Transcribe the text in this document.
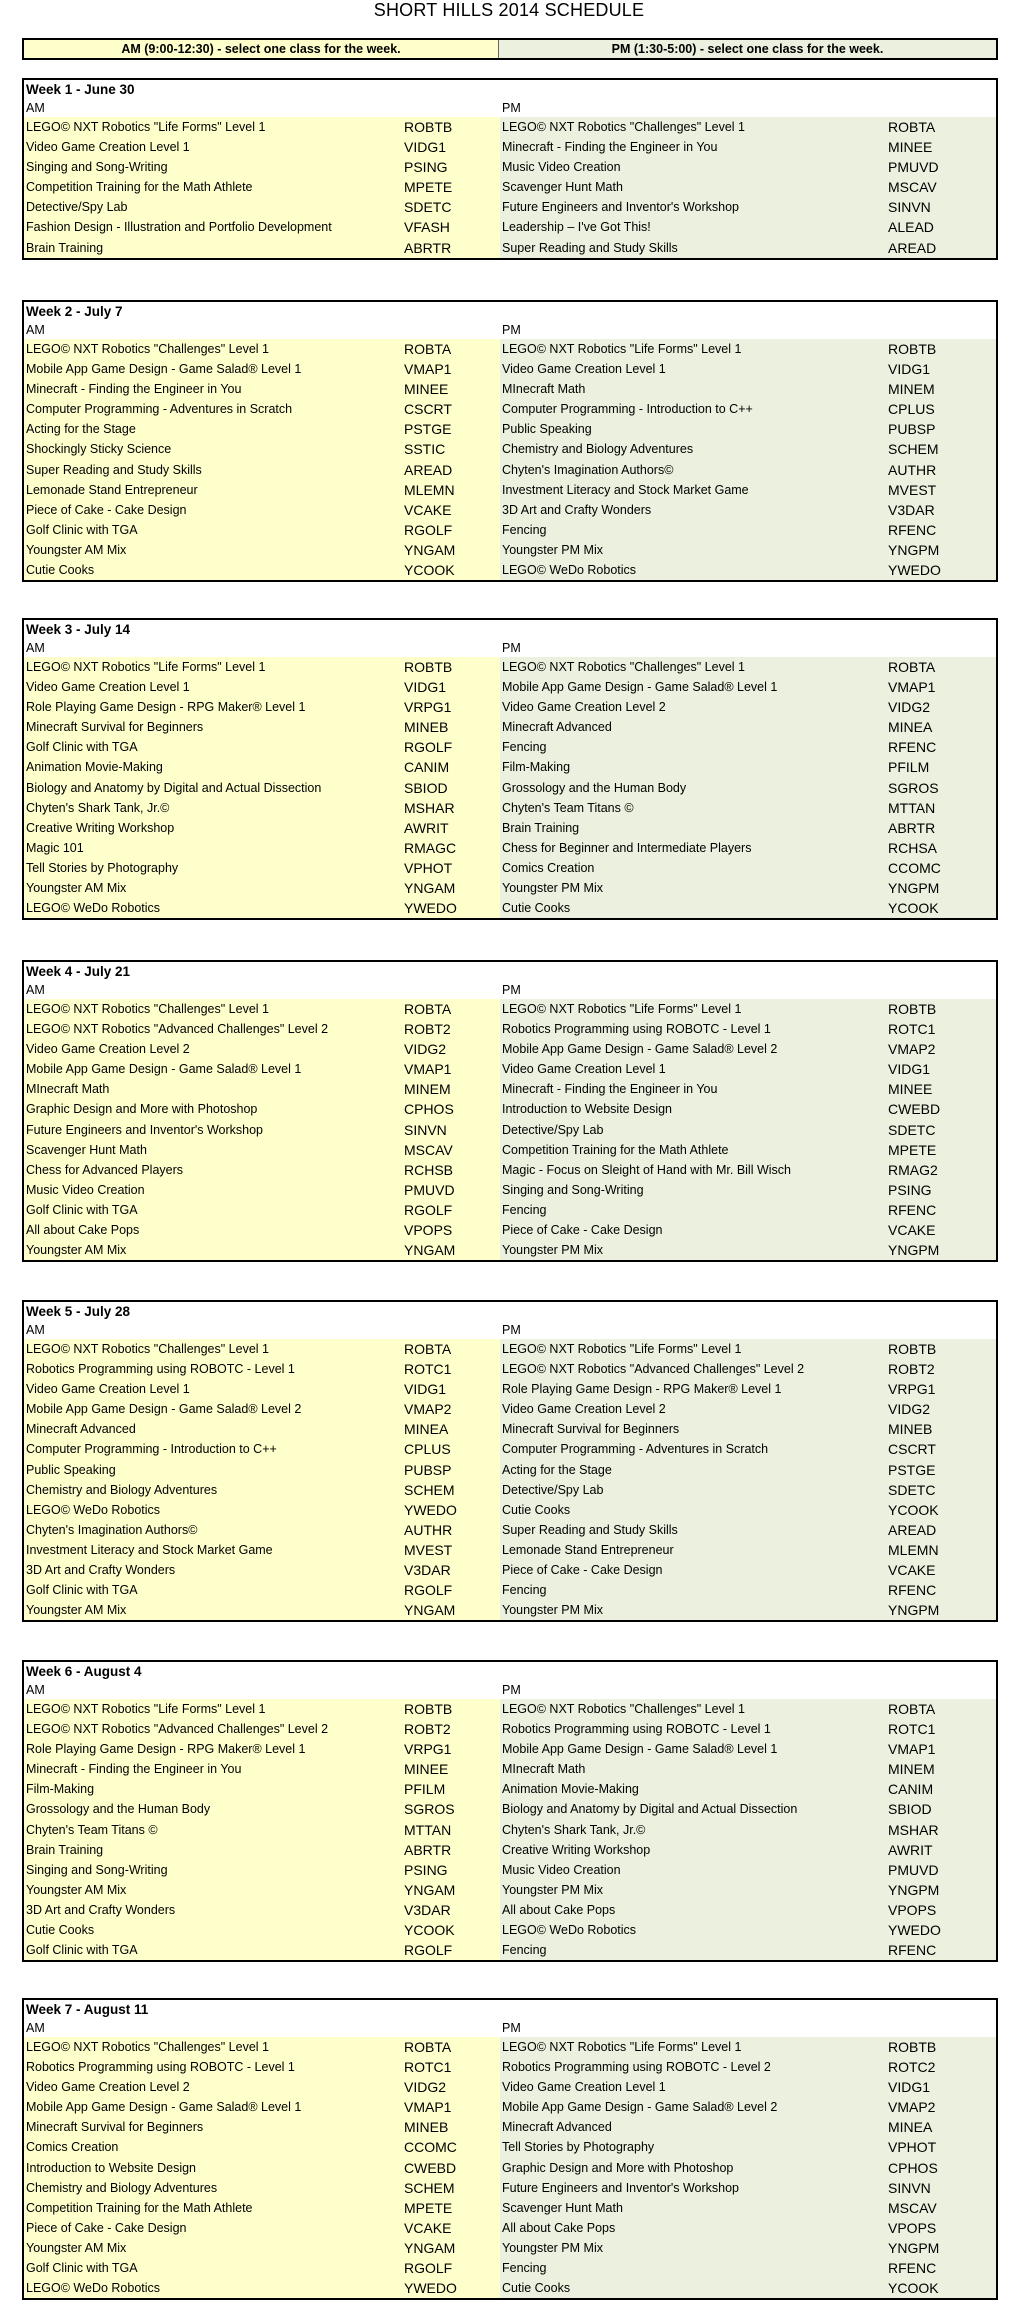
SHORT HILLS 2014 SCHEDULE
AM (9:00-12:30) - select one class for the week.	PM (1:30-5:00) - select one class for the week.
Week 1 - June 30
AM	PM
LEGO© NXT Robotics "Life Forms" Level 1	ROBTB	LEGO© NXT Robotics "Challenges" Level 1	ROBTA
Video Game Creation Level 1	VIDG1	Minecraft - Finding the Engineer in You	MINEE
Singing and Song-Writing	PSING	Music Video Creation	PMUVD
Competition Training for the Math Athlete	MPETE	Scavenger Hunt Math	MSCAV
Detective/Spy Lab	SDETC	Future Engineers and Inventor's Workshop	SINVN
Fashion Design - Illustration and Portfolio Development	VFASH	Leadership – I've Got This!	ALEAD
Brain Training	ABRTR	Super Reading and Study Skills	AREAD
Week 2 - July 7
AM	PM
LEGO© NXT Robotics "Challenges" Level 1	ROBTA	LEGO© NXT Robotics "Life Forms" Level 1	ROBTB
Mobile App Game Design - Game Salad® Level 1	VMAP1	Video Game Creation Level 1	VIDG1
Minecraft - Finding the Engineer in You	MINEE	MInecraft Math	MINEM
Computer Programming - Adventures in Scratch	CSCRT	Computer Programming - Introduction to C++	CPLUS
Acting for the Stage	PSTGE	Public Speaking	PUBSP
Shockingly Sticky Science	SSTIC	Chemistry and Biology Adventures	SCHEM
Super Reading and Study Skills	AREAD	Chyten's Imagination Authors©	AUTHR
Lemonade Stand Entrepreneur	MLEMN	Investment Literacy and Stock Market Game	MVEST
Piece of Cake - Cake Design	VCAKE	3D Art and Crafty Wonders	V3DAR
Golf Clinic with TGA	RGOLF	Fencing	RFENC
Youngster AM Mix	YNGAM	Youngster PM Mix	YNGPM
Cutie Cooks	YCOOK	LEGO© WeDo Robotics	YWEDO
Week 3 - July 14
AM	PM
LEGO© NXT Robotics "Life Forms" Level 1	ROBTB	LEGO© NXT Robotics "Challenges" Level 1	ROBTA
Video Game Creation Level 1	VIDG1	Mobile App Game Design - Game Salad® Level 1	VMAP1
Role Playing Game Design - RPG Maker® Level 1	VRPG1	Video Game Creation Level 2	VIDG2
Minecraft Survival for Beginners	MINEB	Minecraft Advanced	MINEA
Golf Clinic with TGA	RGOLF	Fencing	RFENC
Animation Movie-Making	CANIM	Film-Making	PFILM
Biology and Anatomy by Digital and Actual Dissection	SBIOD	Grossology and the Human Body	SGROS
Chyten's Shark Tank, Jr.©	MSHAR	Chyten's Team Titans ©	MTTAN
Creative Writing Workshop	AWRIT	Brain Training	ABRTR
Magic 101	RMAGC	Chess for Beginner and Intermediate Players	RCHSA
Tell Stories by Photography	VPHOT	Comics Creation	CCOMC
Youngster AM Mix	YNGAM	Youngster PM Mix	YNGPM
LEGO© WeDo Robotics	YWEDO	Cutie Cooks	YCOOK
Week 4 - July 21
AM	PM
LEGO© NXT Robotics "Challenges" Level 1	ROBTA	LEGO© NXT Robotics "Life Forms" Level 1	ROBTB
LEGO© NXT Robotics "Advanced Challenges" Level 2	ROBT2	Robotics Programming using ROBOTC - Level 1	ROTC1
Video Game Creation Level 2	VIDG2	Mobile App Game Design - Game Salad® Level 2	VMAP2
Mobile App Game Design - Game Salad® Level 1	VMAP1	Video Game Creation Level 1	VIDG1
MInecraft Math	MINEM	Minecraft - Finding the Engineer in You	MINEE
Graphic Design and More with Photoshop	CPHOS	Introduction to Website Design	CWEBD
Future Engineers and Inventor's Workshop	SINVN	Detective/Spy Lab	SDETC
Scavenger Hunt Math	MSCAV	Competition Training for the Math Athlete	MPETE
Chess for Advanced Players	RCHSB	Magic - Focus on Sleight of Hand with Mr. Bill Wisch	RMAG2
Music Video Creation	PMUVD	Singing and Song-Writing	PSING
Golf Clinic with TGA	RGOLF	Fencing	RFENC
All about Cake Pops	VPOPS	Piece of Cake - Cake Design	VCAKE
Youngster AM Mix	YNGAM	Youngster PM Mix	YNGPM
Week 5 - July 28
AM	PM
LEGO© NXT Robotics "Challenges" Level 1	ROBTA	LEGO© NXT Robotics "Life Forms" Level 1	ROBTB
Robotics Programming using ROBOTC - Level 1	ROTC1	LEGO© NXT Robotics "Advanced Challenges" Level 2	ROBT2
Video Game Creation Level 1	VIDG1	Role Playing Game Design - RPG Maker® Level 1	VRPG1
Mobile App Game Design - Game Salad® Level 2	VMAP2	Video Game Creation Level 2	VIDG2
Minecraft Advanced	MINEA	Minecraft Survival for Beginners	MINEB
Computer Programming - Introduction to C++	CPLUS	Computer Programming - Adventures in Scratch	CSCRT
Public Speaking	PUBSP	Acting for the Stage	PSTGE
Chemistry and Biology Adventures	SCHEM	Detective/Spy Lab	SDETC
LEGO© WeDo Robotics	YWEDO	Cutie Cooks	YCOOK
Chyten's Imagination Authors©	AUTHR	Super Reading and Study Skills	AREAD
Investment Literacy and Stock Market Game	MVEST	Lemonade Stand Entrepreneur	MLEMN
3D Art and Crafty Wonders	V3DAR	Piece of Cake - Cake Design	VCAKE
Golf Clinic with TGA	RGOLF	Fencing	RFENC
Youngster AM Mix	YNGAM	Youngster PM Mix	YNGPM
Week 6 - August 4
AM	PM
LEGO© NXT Robotics "Life Forms" Level 1	ROBTB	LEGO© NXT Robotics "Challenges" Level 1	ROBTA
LEGO© NXT Robotics "Advanced Challenges" Level 2	ROBT2	Robotics Programming using ROBOTC - Level 1	ROTC1
Role Playing Game Design - RPG Maker® Level 1	VRPG1	Mobile App Game Design - Game Salad® Level 1	VMAP1
Minecraft - Finding the Engineer in You	MINEE	MInecraft Math	MINEM
Film-Making	PFILM	Animation Movie-Making	CANIM
Grossology and the Human Body	SGROS	Biology and Anatomy by Digital and Actual Dissection	SBIOD
Chyten's Team Titans ©	MTTAN	Chyten's Shark Tank, Jr.©	MSHAR
Brain Training	ABRTR	Creative Writing Workshop	AWRIT
Singing and Song-Writing	PSING	Music Video Creation	PMUVD
Youngster AM Mix	YNGAM	Youngster PM Mix	YNGPM
3D Art and Crafty Wonders	V3DAR	All about Cake Pops	VPOPS
Cutie Cooks	YCOOK	LEGO© WeDo Robotics	YWEDO
Golf Clinic with TGA	RGOLF	Fencing	RFENC
Week 7 - August 11
AM	PM
LEGO© NXT Robotics "Challenges" Level 1	ROBTA	LEGO© NXT Robotics "Life Forms" Level 1	ROBTB
Robotics Programming using ROBOTC - Level 1	ROTC1	Robotics Programming using ROBOTC - Level 2	ROTC2
Video Game Creation Level 2	VIDG2	Video Game Creation Level 1	VIDG1
Mobile App Game Design - Game Salad® Level 1	VMAP1	Mobile App Game Design - Game Salad® Level 2	VMAP2
Minecraft Survival for Beginners	MINEB	Minecraft Advanced	MINEA
Comics Creation	CCOMC	Tell Stories by Photography	VPHOT
Introduction to Website Design	CWEBD	Graphic Design and More with Photoshop	CPHOS
Chemistry and Biology Adventures	SCHEM	Future Engineers and Inventor's Workshop	SINVN
Competition Training for the Math Athlete	MPETE	Scavenger Hunt Math	MSCAV
Piece of Cake - Cake Design	VCAKE	All about Cake Pops	VPOPS
Youngster AM Mix	YNGAM	Youngster PM Mix	YNGPM
Golf Clinic with TGA	RGOLF	Fencing	RFENC
LEGO© WeDo Robotics	YWEDO	Cutie Cooks	YCOOK
